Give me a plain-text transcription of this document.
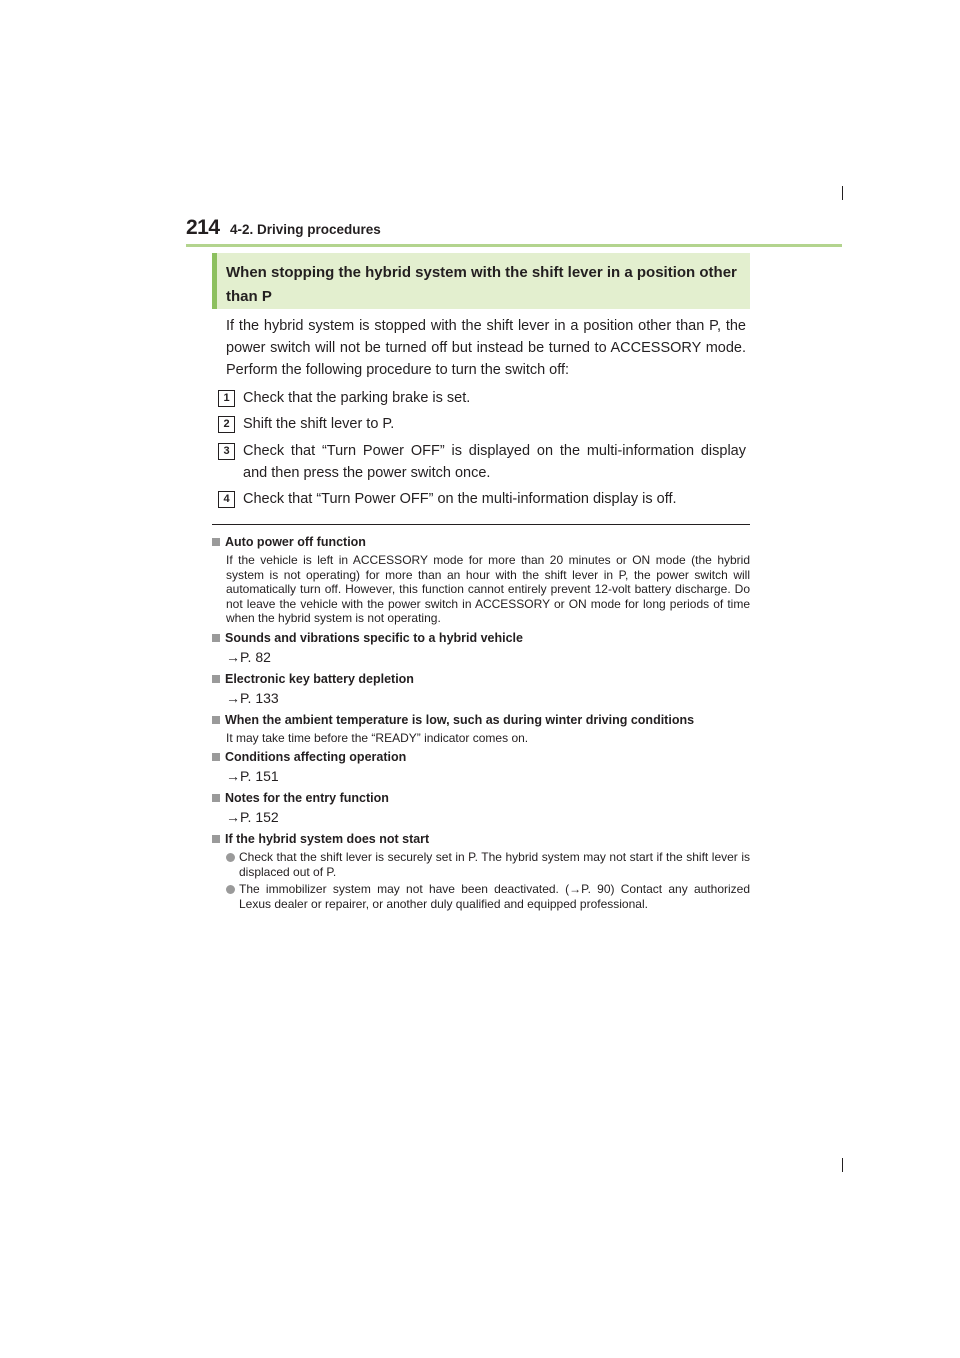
214 4-2. Driving procedures
When stopping the hybrid system with the shift lever in a position other than P
If the hybrid system is stopped with the shift lever in a position other than P, the power switch will not be turned off but instead be turned to ACCESSORY mode. Perform the following procedure to turn the switch off:
1 Check that the parking brake is set.
2 Shift the shift lever to P.
3 Check that “Turn Power OFF” is displayed on the multi-information display and then press the power switch once.
4 Check that “Turn Power OFF” on the multi-information display is off.
Auto power off function
If the vehicle is left in ACCESSORY mode for more than 20 minutes or ON mode (the hybrid system is not operating) for more than an hour with the shift lever in P, the power switch will automatically turn off. However, this function cannot entirely prevent 12-volt battery discharge. Do not leave the vehicle with the power switch in ACCESSORY or ON mode for long periods of time when the hybrid system is not operating.
Sounds and vibrations specific to a hybrid vehicle
→P. 82
Electronic key battery depletion
→P. 133
When the ambient temperature is low, such as during winter driving conditions
It may take time before the “READY” indicator comes on.
Conditions affecting operation
→P. 151
Notes for the entry function
→P. 152
If the hybrid system does not start
Check that the shift lever is securely set in P. The hybrid system may not start if the shift lever is displaced out of P.
The immobilizer system may not have been deactivated. (→P. 90) Contact any authorized Lexus dealer or repairer, or another duly qualified and equipped professional.
